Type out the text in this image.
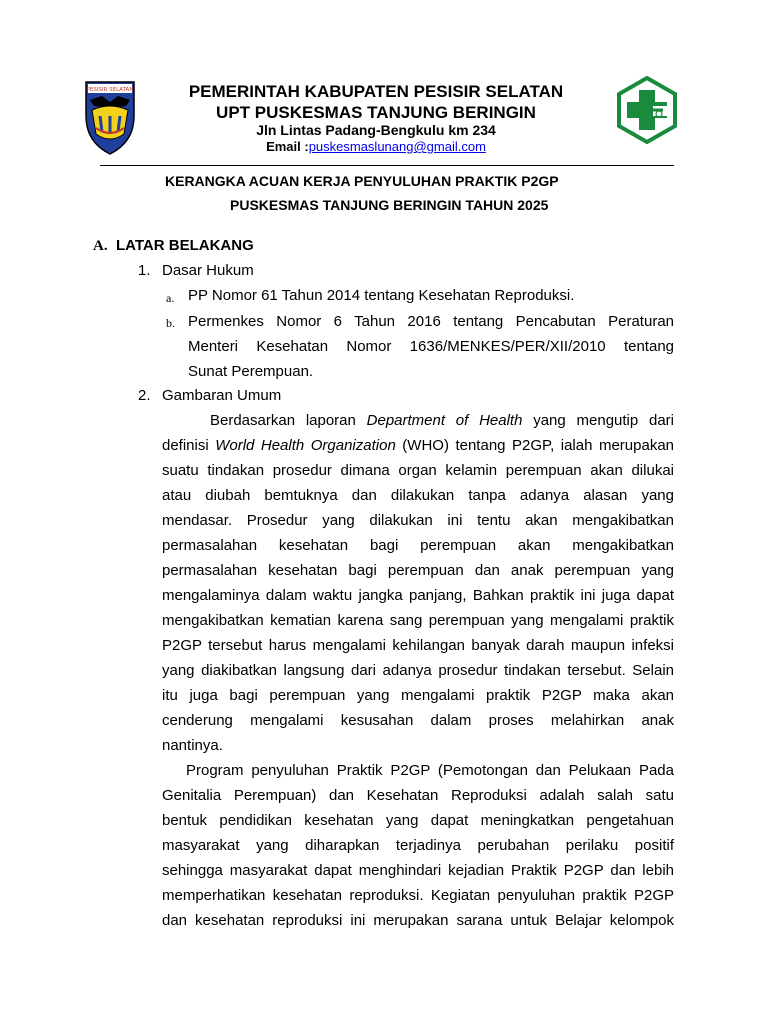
PESISIR SELATAN	PEMERINTAH KABUPATEN PESISIR SELATAN
UPT PUSKESMAS TANJUNG BERINGIN
Jln Lintas Padang-Bengkulu km 234
Email :puskesmaslunang@gmail.com
KERANGKA ACUAN KERJA PENYULUHAN PRAKTIK P2GP
PUSKESMAS TANJUNG BERINGIN TAHUN 2025
A. LATAR BELAKANG
1. Dasar Hukum
a. PP Nomor 61 Tahun 2014 tentang Kesehatan Reproduksi.
b. Permenkes Nomor 6 Tahun 2016 tentang Pencabutan Peraturan
Menteri Kesehatan Nomor 1636/MENKES/PER/XII/2010 tentang
Sunat Perempuan.
2. Gambaran Umum
Berdasarkan laporan Department of Health yang mengutip dari
definisi World Health Organization (WHO) tentang P2GP, ialah merupakan
suatu tindakan prosedur dimana organ kelamin perempuan akan dilukai
atau diubah bemtuknya dan dilakukan tanpa adanya alasan yang
mendasar. Prosedur yang dilakukan ini tentu akan mengakibatkan
permasalahan kesehatan bagi perempuan akan mengakibatkan
permasalahan kesehatan bagi perempuan dan anak perempuan yang
mengalaminya dalam waktu jangka panjang, Bahkan praktik ini juga dapat
mengakibatkan kematian karena sang perempuan yang mengalami praktik
P2GP tersebut harus mengalami kehilangan banyak darah maupun infeksi
yang diakibatkan langsung dari adanya prosedur tindakan tersebut. Selain
itu juga bagi perempuan yang mengalami praktik P2GP maka akan
cenderung mengalami kesusahan dalam proses melahirkan anak
nantinya.
Program penyuluhan Praktik P2GP (Pemotongan dan Pelukaan Pada
Genitalia Perempuan) dan Kesehatan Reproduksi adalah salah satu
bentuk pendidikan kesehatan yang dapat meningkatkan pengetahuan
masyarakat yang diharapkan terjadinya perubahan perilaku positif
sehingga masyarakat dapat menghindari kejadian Praktik P2GP dan lebih
memperhatikan kesehatan reproduksi. Kegiatan penyuluhan praktik P2GP
dan kesehatan reproduksi ini merupakan sarana untuk Belajar kelompok
